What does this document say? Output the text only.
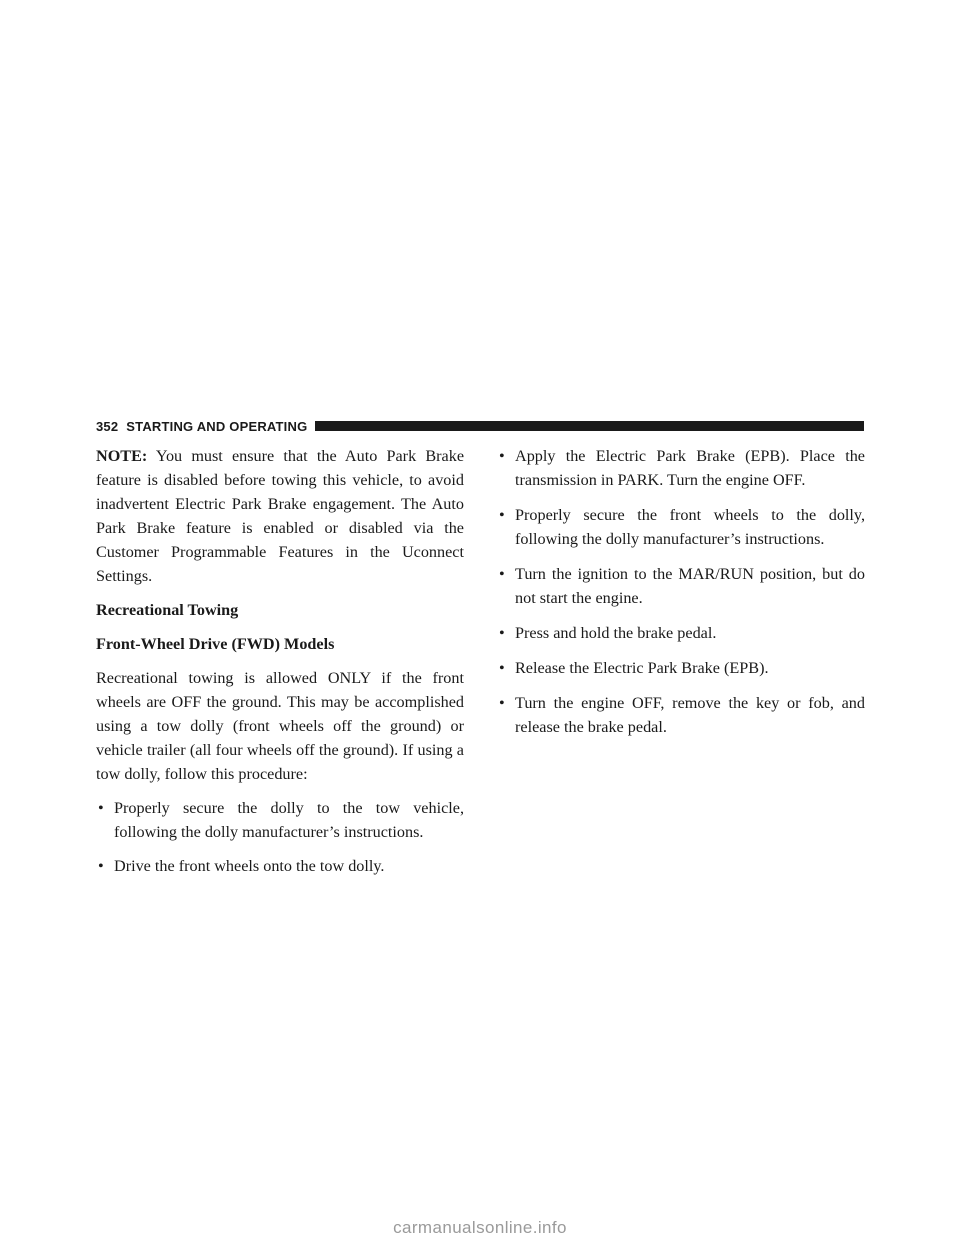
352 STARTING AND OPERATING

NOTE: You must ensure that the Auto Park Brake feature is disabled before towing this vehicle, to avoid inadvertent Electric Park Brake engagement. The Auto Park Brake feature is enabled or disabled via the Customer Programmable Features in the Uconnect Settings.

Recreational Towing
Front-Wheel Drive (FWD) Models

Recreational towing is allowed ONLY if the front wheels are OFF the ground. This may be accomplished using a tow dolly (front wheels off the ground) or vehicle trailer (all four wheels off the ground). If using a tow dolly, follow this procedure:

• Properly secure the dolly to the tow vehicle, following the dolly manufacturer’s instructions.
• Drive the front wheels onto the tow dolly.
• Apply the Electric Park Brake (EPB). Place the transmission in PARK. Turn the engine OFF.
• Properly secure the front wheels to the dolly, following the dolly manufacturer’s instructions.
• Turn the ignition to the MAR/RUN position, but do not start the engine.
• Press and hold the brake pedal.
• Release the Electric Park Brake (EPB).
• Turn the engine OFF, remove the key or fob, and release the brake pedal.
carmanualsonline.info
